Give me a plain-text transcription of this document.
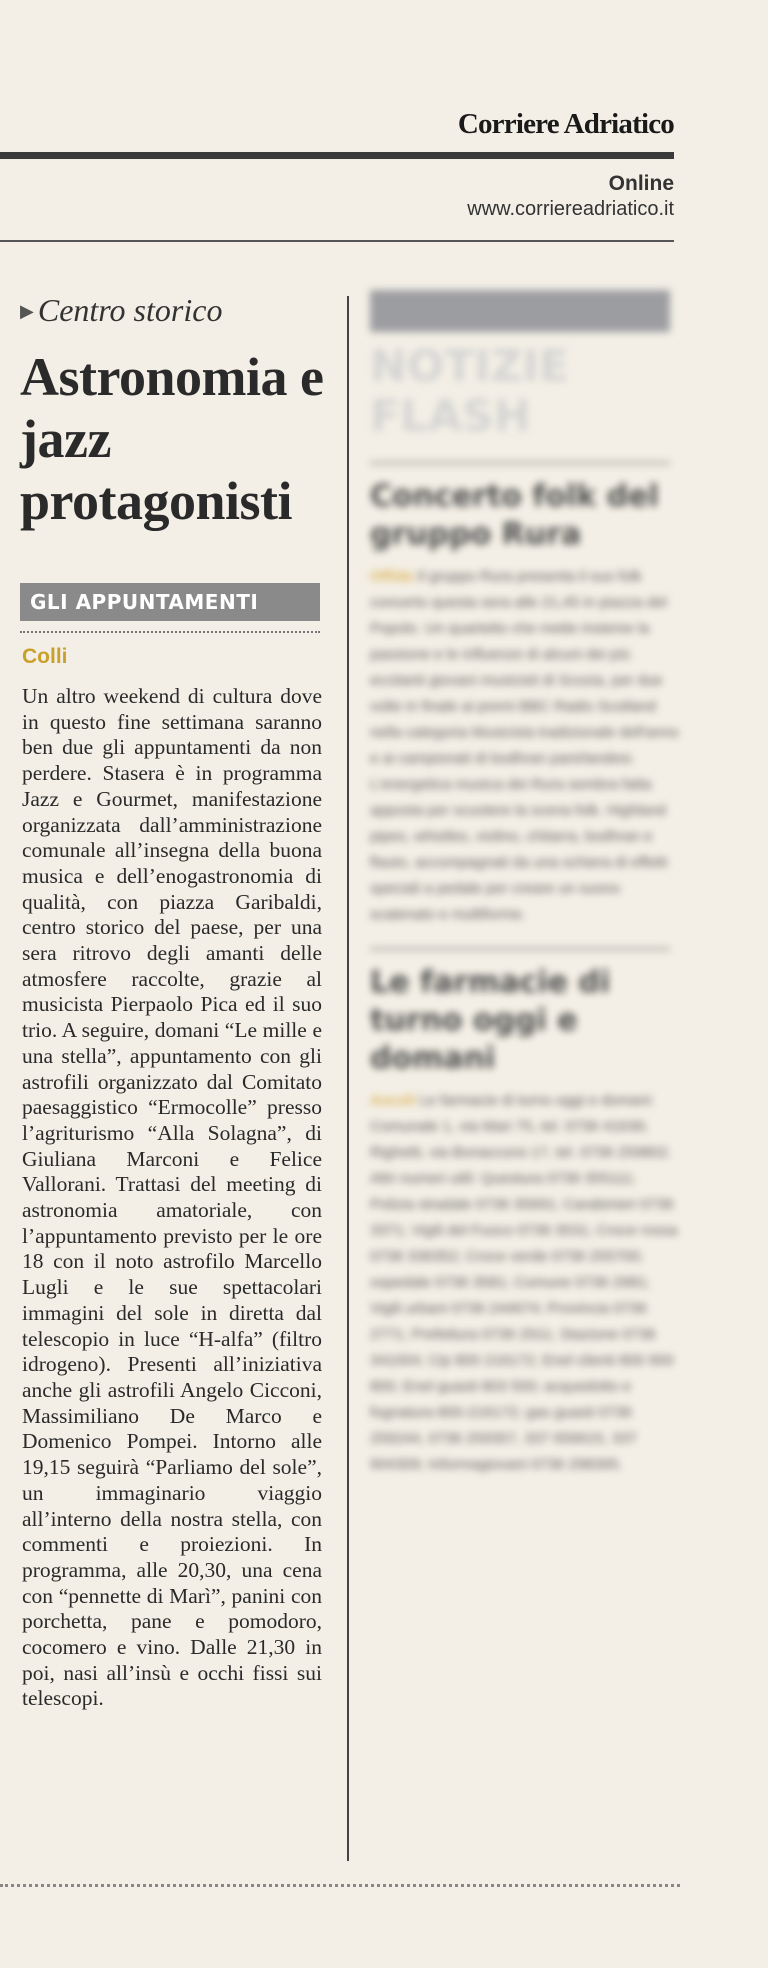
Corriere Adriatico
Online
www.corriereadriatico.it
▶ Centro storico
Astronomia e jazz protagonisti
GLI APPUNTAMENTI
Colli
Un altro weekend di cultura dove in questo fine settimana saranno ben due gli appuntamenti da non perdere. Stasera è in programma Jazz e Gourmet, manifestazione organizzata dall’amministrazione comunale all’insegna della buona musica e dell’enogastronomia di qualità, con piazza Garibaldi, centro storico del paese, per una sera ritrovo degli amanti delle atmosfere raccolte, grazie al musicista Pierpaolo Pica ed il suo trio. A seguire, domani “Le mille e una stella”, appuntamento con gli astrofili organizzato dal Comitato paesaggistico “Ermocolle” presso l’agriturismo “Alla Solagna”, di Giuliana Marconi e Felice Vallorani. Trattasi del meeting di astronomia amatoriale, con l’appuntamento previsto per le ore 18 con il noto astrofilo Marcello Lugli e le sue spettacolari immagini del sole in diretta dal telescopio in luce “H-alfa” (filtro idrogeno). Presenti all’iniziativa anche gli astrofili Angelo Cicconi, Massimiliano De Marco e Domenico Pompei. Intorno alle 19,15 seguirà “Parliamo del sole”, un immaginario viaggio all’interno della nostra stella, con commenti e proiezioni. In programma, alle 20,30, una cena con “pennette di Marì”, panini con porchetta, pane e pomodoro, cocomero e vino. Dalle 21,30 in poi, nasi all’insù e occhi fissi sui telescopi.
NOTIZIE FLASH
Concerto folk del gruppo Rura
Offida Il gruppo Rura presenta il suo folk concerto questa sera alle 21,45 in piazza del Popolo. Un quartetto che mette insieme la passione e le influenze di alcuni dei più eccitanti giovani musicisti di Scozia, per due volte in finale ai premi BBC Radio Scotland nella categoria Musicista tradizionale dell'anno e ai campionati di bodhran panirlandesi. L'energetica musica dei Rura sembra fatta apposta per scuotere la scena folk. Highland pipes, whistles, violino, chitarra, bodhran e flauto, accompagnati da una schiera di effetti speciali a pedale per creare un suono scatenato e multiforme.
Le farmacie di turno oggi e domani
Ascoli Le farmacie di turno oggi e domani: Comunale 1, via Mari 75, tel. 0736 41636; Righetti, via Bonaccorsi 17, tel. 0736 259802. Altri numeri utili: Questura 0736 355111; Polizia stradale 0736 35691; Carabinieri 0736 3371; Vigili del Fuoco 0736 3531; Croce rossa 0736 336352; Croce verde 0736 255700; ospedale 0736 3581; Comune 0736 2981; Vigili urbani 0736 244674; Provincia 0736 2771; Prefettura 0736 2911; Stazione 0736 341004; Cip 800 216172; Enel clienti 800 900 800; Enel guasti 803 500; acquedotto e fognatura 800-216172; gas guasti 0736 259244, 0736 259357, 337 656615, 337 904309; Informagiovani 0736 298395.
